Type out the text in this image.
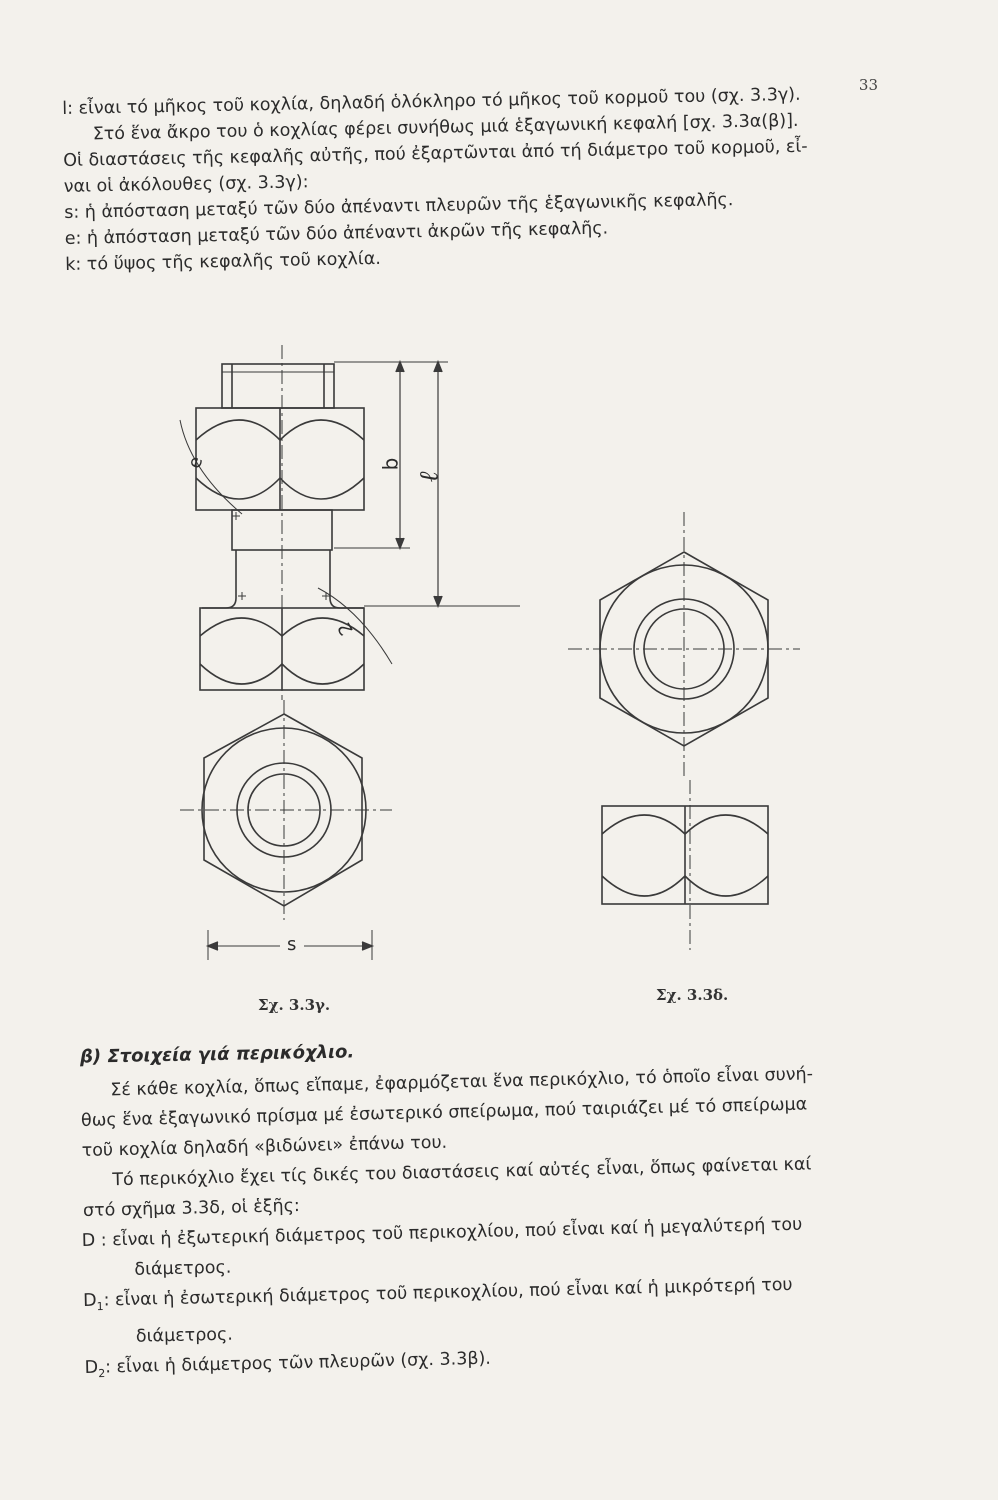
33

l: εἶναι τό μῆκος τοῦ κοχλία, δηλαδή ὁλόκληρο τό μῆκος τοῦ κορμοῦ του (σχ. 3.3γ).

Στό ἕνα ἄκρο του ὁ κοχλίας φέρει συνήθως μιά ἑξαγωνική κεφαλή [σχ. 3.3α(β)].

Οἱ διαστάσεις τῆς κεφαλῆς αὐτῆς, πού ἐξαρτῶνται ἀπό τή διάμετρο τοῦ κορμοῦ, εἶ-

ναι οἱ ἀκόλουθες (σχ. 3.3γ):

s: ἡ ἀπόσταση μεταξύ τῶν δύο ἀπέναντι πλευρῶν τῆς ἑξαγωνικῆς κεφαλῆς.

e: ἡ ἀπόσταση μεταξύ τῶν δύο ἀπέναντι ἀκρῶν τῆς κεφαλῆς.

k: τό ὕψος τῆς κεφαλῆς τοῦ κοχλία.

b
ℓ
e
2
s
Σχ. 3.3γ.
Σχ. 3.3δ.
β) Στοιχεία γιά περικόχλιο.

Σέ κάθε κοχλία, ὅπως εἴπαμε, ἐφαρμόζεται ἕνα περικόχλιο, τό ὁποῖο εἶναι συνή-

θως ἕνα ἑξαγωνικό πρίσμα μέ ἐσωτερικό σπείρωμα, πού ταιριάζει μέ τό σπείρωμα

τοῦ κοχλία δηλαδή «βιδώνει» ἐπάνω του.

Τό περικόχλιο ἔχει τίς δικές του διαστάσεις καί αὐτές εἶναι, ὅπως φαίνεται καί

στό σχῆμα 3.3δ, οἱ ἑξῆς:

D : εἶναι ἡ ἐξωτερική διάμετρος τοῦ περικοχλίου, πού εἶναι καί ἡ μεγαλύτερή του

διάμετρος.

$D_1$: εἶναι ἡ ἐσωτερική διάμετρος τοῦ περικοχλίου, πού εἶναι καί ἡ μικρότερή του

διάμετρος.

$D_2$: εἶναι ἡ διάμετρος τῶν πλευρῶν (σχ. 3.3β).
